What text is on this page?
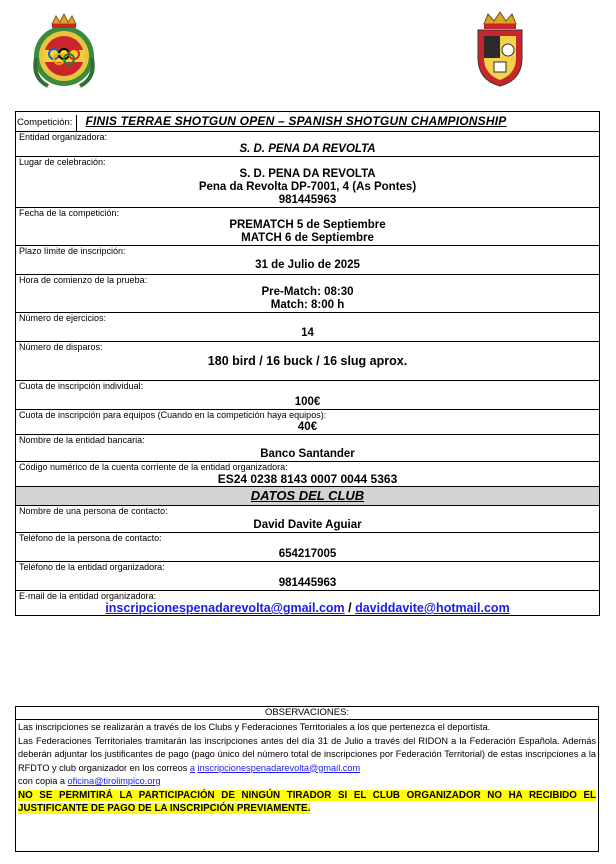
Competición: FINIS TERRAE SHOTGUN OPEN – SPANISH SHOTGUN CHAMPIONSHIP

Entidad organizadora:
S. D. PENA DA REVOLTA

Lugar de celebración:
S. D. PENA DA REVOLTA
Pena da Revolta DP-7001, 4 (As Pontes)
981445963

Fecha de la competición:
PREMATCH 5 de Septiembre
MATCH 6 de Septiembre

Plazo límite de inscripción:
31 de Julio de 2025

Hora de comienzo de la prueba:
Pre-Match: 08:30
Match: 8:00 h

Número de ejercicios:
14

Número de disparos:
180 bird / 16 buck / 16 slug aprox.

Cuota de inscripción individual:
100€

Cuota de inscripción para equipos (Cuando en la competición haya equipos):
40€

Nombre de la entidad bancaria:
Banco Santander

Código numérico de la cuenta corriente de la entidad organizadora:
ES24 0238 8143 0007 0044 5363

DATOS DEL CLUB

Nombre de una persona de contacto:
David Davite Aguiar

Teléfono de la persona de contacto:
654217005

Teléfono de la entidad organizadora:
981445963

E-mail de la entidad organizadora:
inscripcionespenadarevolta@gmail.com / daviddavite@hotmail.com
OBSERVACIONES:

Las inscripciones se realizarán a través de los Clubs y Federaciones Territoriales a los que pertenezca el deportista.

Las Federaciones Territoriales tramitarán las inscripciones antes del día 31 de Julio a través del RIDON a la Federación Española. Además deberán adjuntar los justificantes de pago (pago único del número total de inscripciones por Federación Territorial) de estas inscripciones a la RFDTO y club organizador en los correos a inscripcionespenadarevolta@gmail.com

con copia a oficina@tirolimpico.org

NO SE PERMITIRÁ LA PARTICIPACIÓN DE NINGÚN TIRADOR SI EL CLUB ORGANIZADOR NO HA RECIBIDO EL JUSTIFICANTE DE PAGO DE LA INSCRIPCIÓN PREVIAMENTE.
